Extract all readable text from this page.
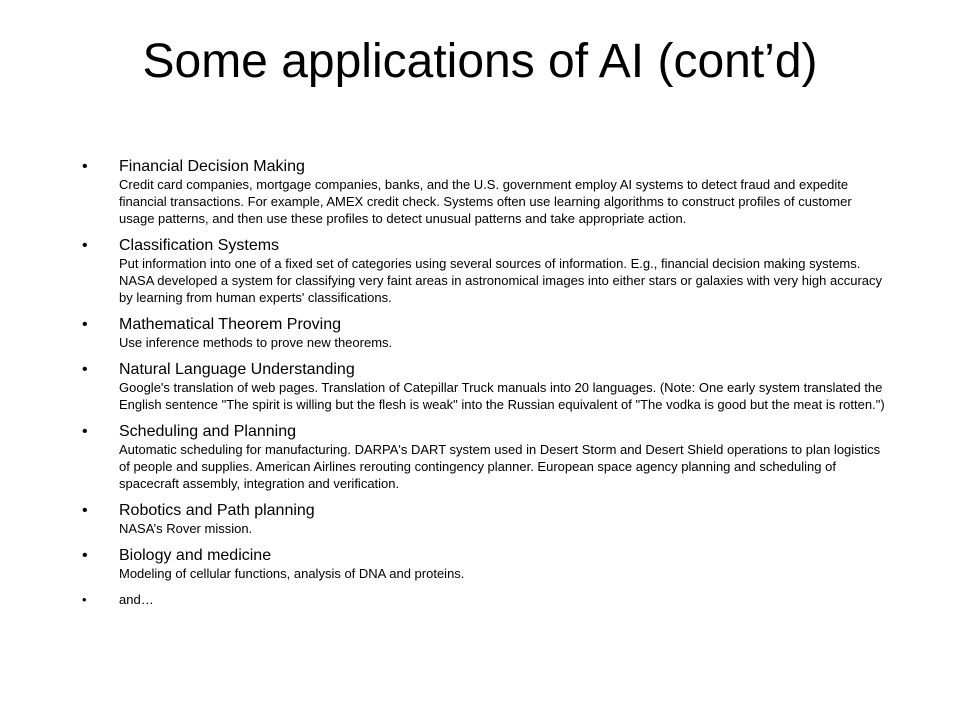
Some applications of AI (cont’d)
• Financial Decision Making
Credit card companies, mortgage companies, banks, and the U.S. government employ AI systems to detect fraud and expedite financial transactions. For example, AMEX credit check. Systems often use learning algorithms to construct profiles of customer usage patterns, and then use these profiles to detect unusual patterns and take appropriate action.
• Classification Systems
Put information into one of a fixed set of categories using several sources of information. E.g., financial decision making systems. NASA developed a system for classifying very faint areas in astronomical images into either stars or galaxies with very high accuracy by learning from human experts' classifications.
• Mathematical Theorem Proving
Use inference methods to prove new theorems.
• Natural Language Understanding
Google's translation of web pages. Translation of Catepillar Truck manuals into 20 languages. (Note: One early system translated the English sentence "The spirit is willing but the flesh is weak" into the Russian equivalent of "The vodka is good but the meat is rotten.")
• Scheduling and Planning
Automatic scheduling for manufacturing. DARPA's DART system used in Desert Storm and Desert Shield operations to plan logistics of people and supplies. American Airlines rerouting contingency planner. European space agency planning and scheduling of spacecraft assembly, integration and verification.
• Robotics and Path planning
NASA’s Rover mission.
• Biology and medicine
Modeling of cellular functions, analysis of DNA and proteins.
• and…
